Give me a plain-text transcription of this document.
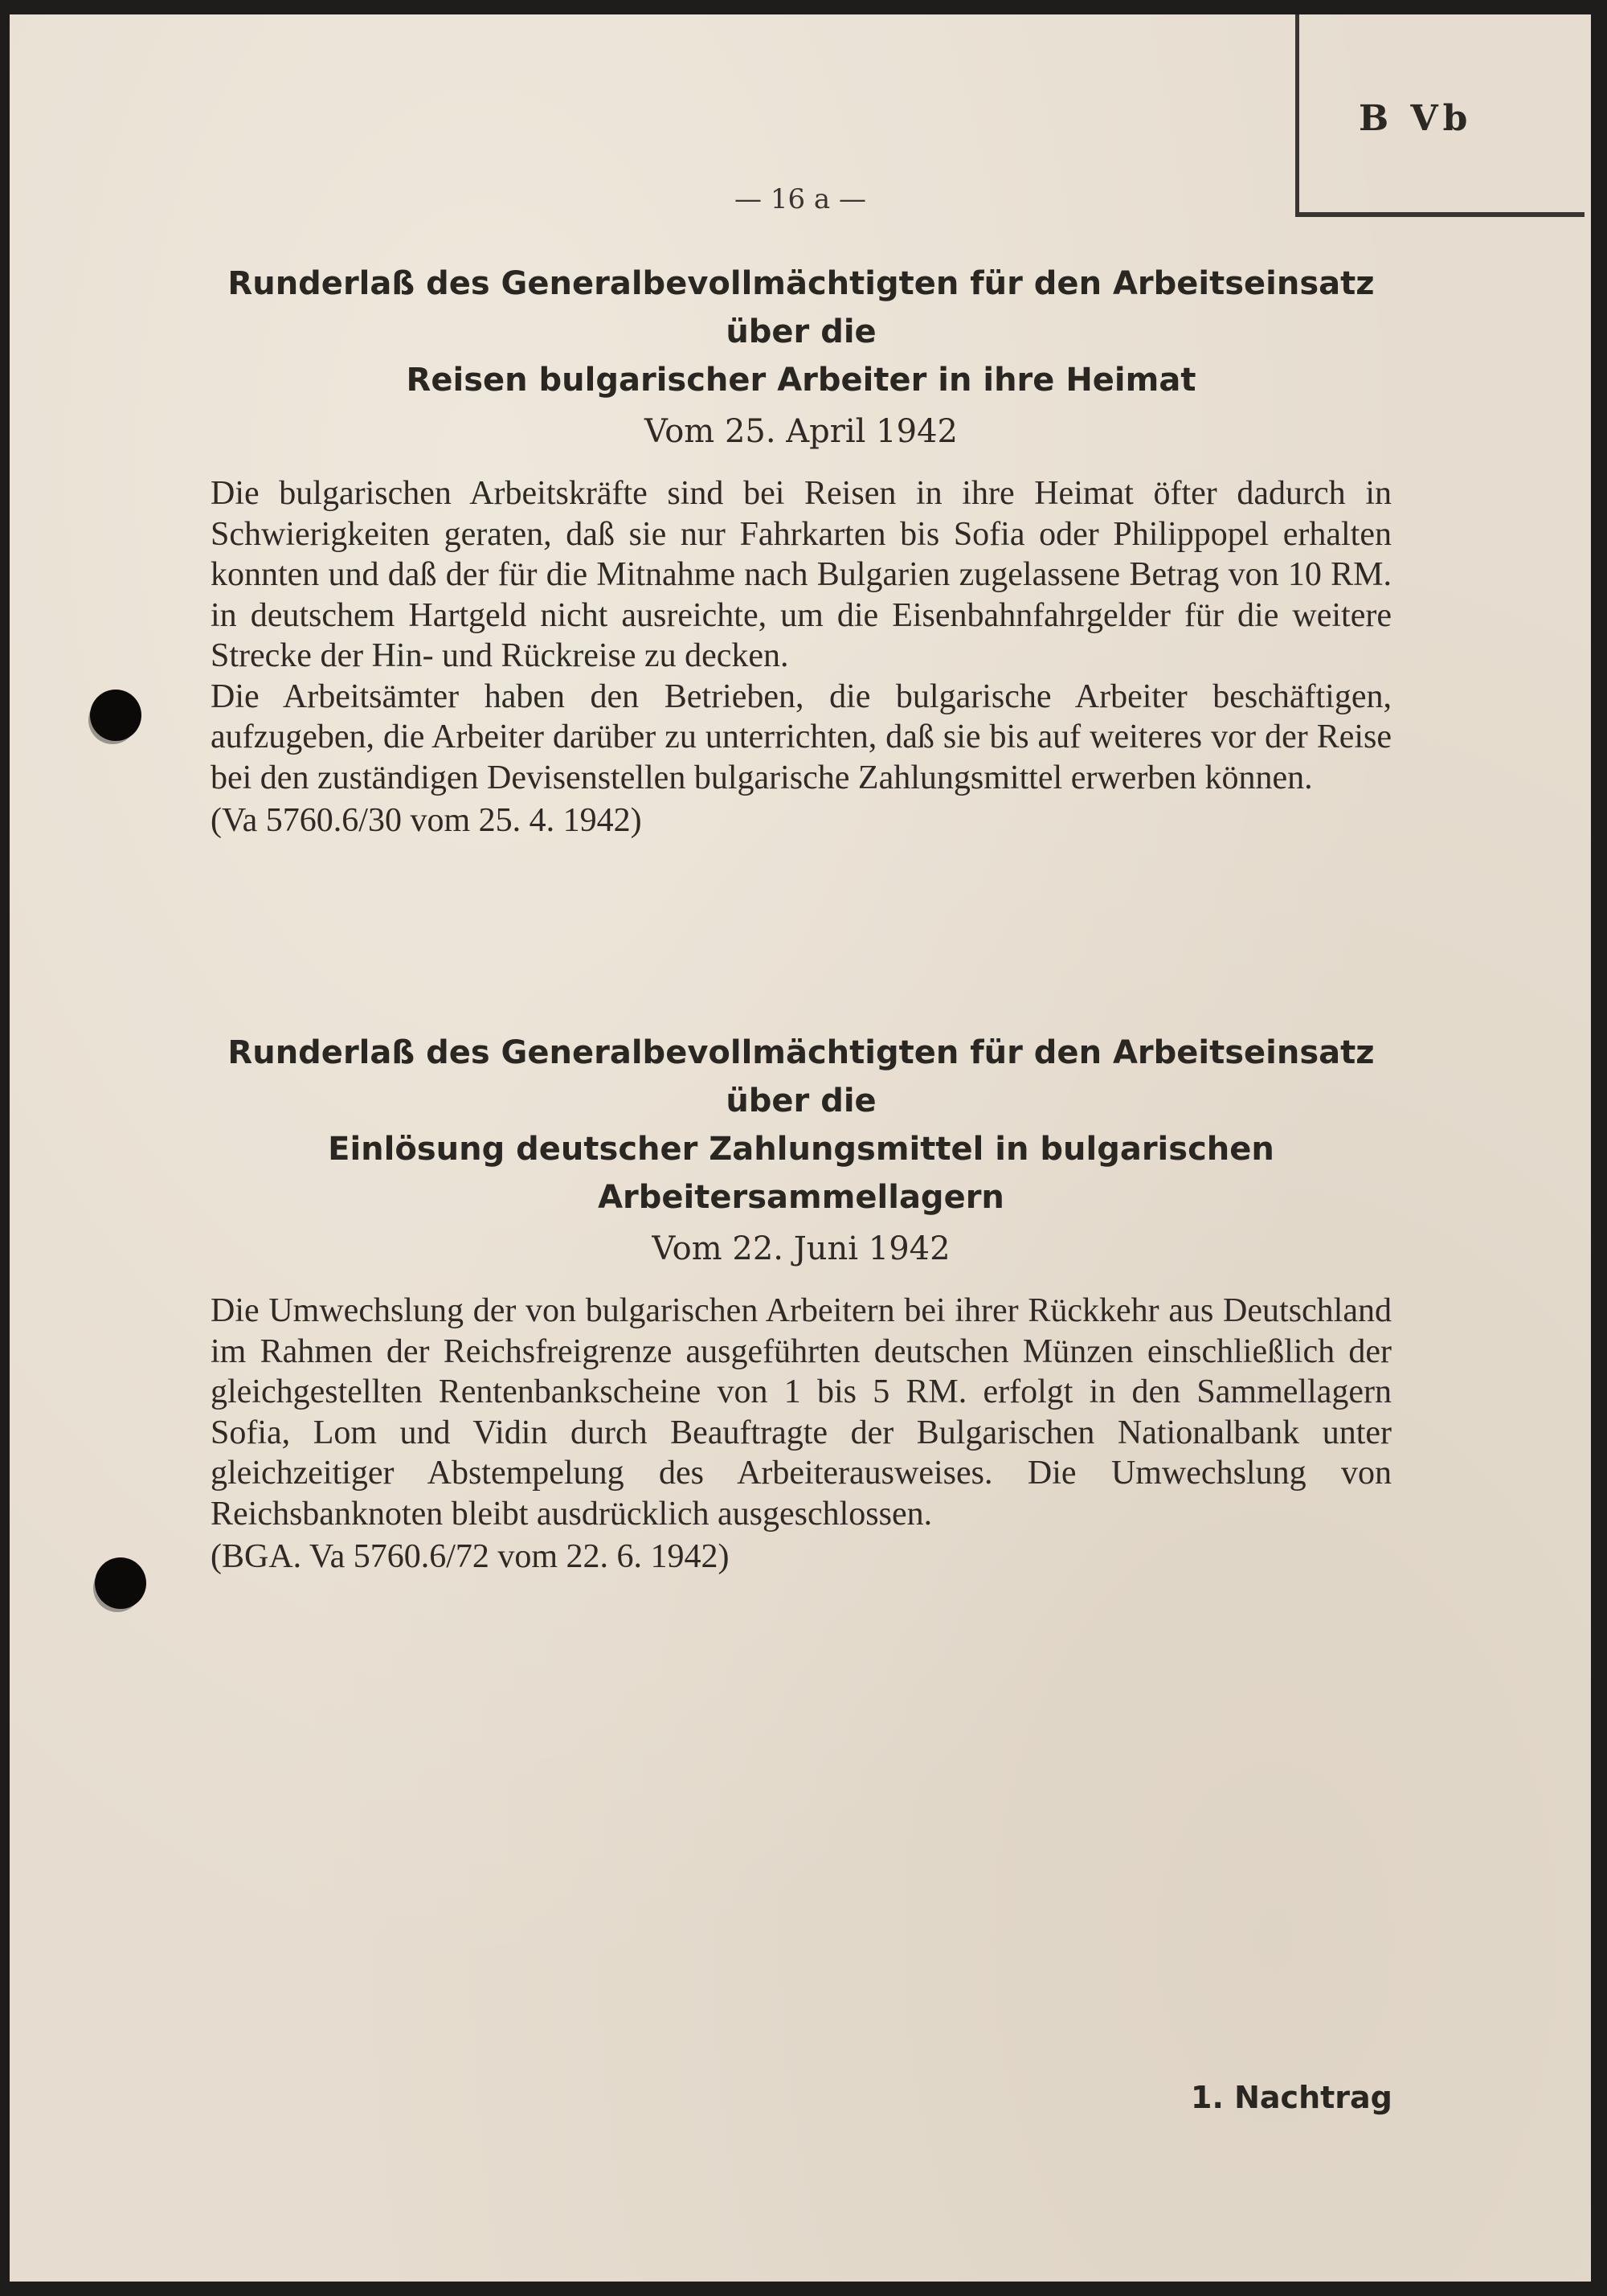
B Vb
— 16 a —
Runderlaß des Generalbevollmächtigten für den Arbeitseinsatz über die
Reisen bulgarischer Arbeiter in ihre Heimat
Vom 25. April 1942

Die bulgarischen Arbeitskräfte sind bei Reisen in ihre Heimat öfter dadurch in Schwierigkeiten geraten, daß sie nur Fahrkarten bis Sofia oder Philippopel erhalten konnten und daß der für die Mitnahme nach Bulgarien zugelassene Betrag von 10 RM. in deutschem Hartgeld nicht ausreichte, um die Eisenbahnfahrgelder für die weitere Strecke der Hin- und Rückreise zu decken.

Die Arbeitsämter haben den Betrieben, die bulgarische Arbeiter beschäftigen, aufzugeben, die Arbeiter darüber zu unterrichten, daß sie bis auf weiteres vor der Reise bei den zuständigen Devisenstellen bulgarische Zahlungsmittel erwerben können.

(Va 5760.6/30 vom 25. 4. 1942)
Runderlaß des Generalbevollmächtigten für den Arbeitseinsatz über die
Einlösung deutscher Zahlungsmittel in bulgarischen Arbeitersammellagern
Vom 22. Juni 1942

Die Umwechslung der von bulgarischen Arbeitern bei ihrer Rückkehr aus Deutschland im Rahmen der Reichsfreigrenze ausgeführten deutschen Münzen einschließlich der gleichgestellten Rentenbankscheine von 1 bis 5 RM. erfolgt in den Sammellagern Sofia, Lom und Vidin durch Beauftragte der Bulgarischen Nationalbank unter gleichzeitiger Abstempelung des Arbeiterausweises. Die Umwechslung von Reichsbanknoten bleibt ausdrücklich ausgeschlossen.

(BGA. Va 5760.6/72 vom 22. 6. 1942)
1. Nachtrag
